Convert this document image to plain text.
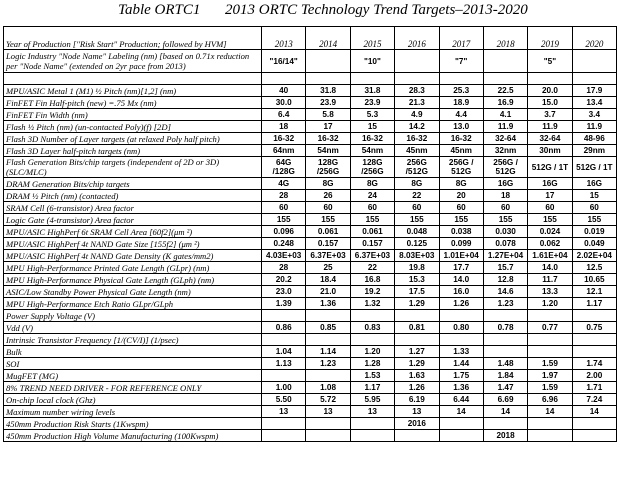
Table ORTC1 2013 ORTC Technology Trend Targets–2013-2020
Year of Production ["Risk Start" Production; followed by HVM]	2013	2014	2015	2016	2017	2018	2019	2020
Logic Industry "Node Name" Labeling (nm) [based on 0.71x reduction per "Node Name" (extended on 2yr pace from 2013)	"16/14"		"10"		"7"		"5"	

MPU/ASIC Metal 1 (M1) ½ Pitch (nm)[1,2] (nm)	40	31.8	31.8	28.3	25.3	22.5	20.0	17.9
FinFET Fin Half-pitch (new) =.75 Mx (nm)	30.0	23.9	23.9	21.3	18.9	16.9	15.0	13.4
FinFET Fin Width (nm)	6.4	5.8	5.3	4.9	4.4	4.1	3.7	3.4
Flash ½ Pitch (nm) (un-contacted Poly)(f) [2D]	18	17	15	14.2	13.0	11.9	11.9	11.9
Flash 3D Number of Layer targets (at relaxed Poly half pitch)	16-32	16-32	16-32	16-32	16-32	32-64	32-64	48-96
Flash 3D Layer half-pitch targets (nm)	64nm	54nm	54nm	45nm	45nm	32nm	30nm	29nm
Flash Generation Bits/chip targets (independent of 2D or 3D) (SLC/MLC)	64G /128G	128G /256G	128G /256G	256G /512G	256G / 512G	256G / 512G	512G / 1T	512G / 1T
DRAM Generation Bits/chip targets	4G	8G	8G	8G	8G	16G	16G	16G
DRAM ½ Pitch (nm) (contacted)	28	26	24	22	20	18	17	15
SRAM Cell (6-transistor) Area factor	60	60	60	60	60	60	60	60
Logic Gate (4-transistor) Area factor	155	155	155	155	155	155	155	155
MPU/ASIC HighPerf 6t SRAM Cell Area [60f2](μm ²)	0.096	0.061	0.061	0.048	0.038	0.030	0.024	0.019
MPU/ASIC HighPerf 4t NAND Gate Size [155f2] (μm ²)	0.248	0.157	0.157	0.125	0.099	0.078	0.062	0.049
MPU/ASIC HighPerf 4t NAND Gate Density (K gates/mm2)	4.03E+03	6.37E+03	6.37E+03	8.03E+03	1.01E+04	1.27E+04	1.61E+04	2.02E+04
MPU High-Performance Printed Gate Length (GLpr) (nm)	28	25	22	19.8	17.7	15.7	14.0	12.5
MPU High-Performance Physical Gate Length (GLph) (nm)	20.2	18.4	16.8	15.3	14.0	12.8	11.7	10.65
ASIC/Low Standby Power Physical Gate Length (nm)	23.0	21.0	19.2	17.5	16.0	14.6	13.3	12.1
MPU High-Performance Etch Ratio GLpr/GLph	1.39	1.36	1.32	1.29	1.26	1.23	1.20	1.17
Power Supply Voltage (V)								
Vdd (V)	0.86	0.85	0.83	0.81	0.80	0.78	0.77	0.75
Intrinsic Transistor Frequency [1/(CV/I)] (1/psec)								
Bulk	1.04	1.14	1.20	1.27	1.33			
SOI	1.13	1.23	1.28	1.29	1.44	1.48	1.59	1.74
MugFET (MG)			1.53	1.63	1.75	1.84	1.97	2.00
8% TREND NEED DRIVER - FOR REFERENCE ONLY	1.00	1.08	1.17	1.26	1.36	1.47	1.59	1.71
On-chip local clock (Ghz)	5.50	5.72	5.95	6.19	6.44	6.69	6.96	7.24
Maximum number wiring levels	13	13	13	13	14	14	14	14
450mm Production Risk Starts (1Kwspm)				2016				
450mm Production High Volume Manufacturing (100Kwspm)						2018		
